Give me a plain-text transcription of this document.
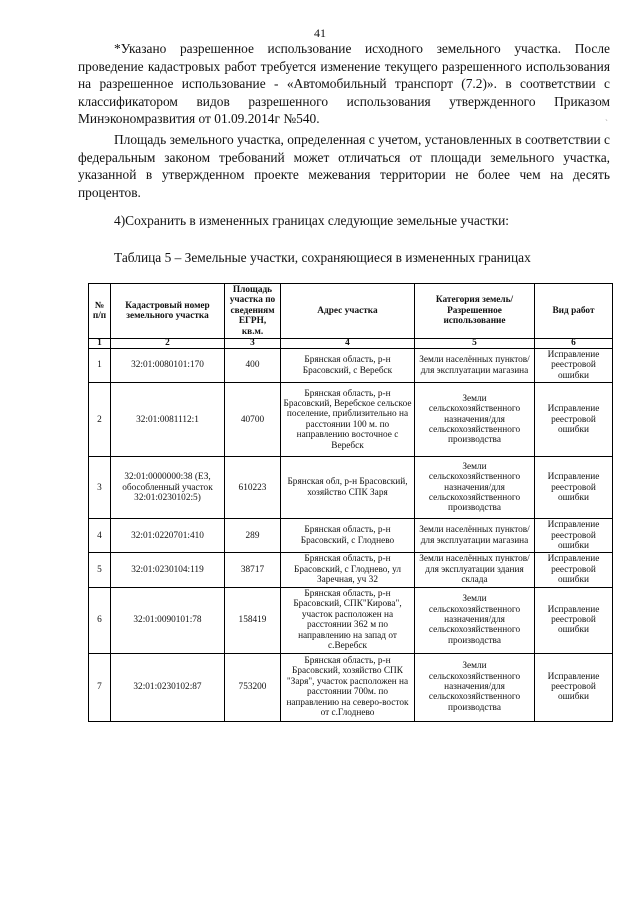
41

*Указано разрешенное использование исходного земельного участка. После проведение кадастровых работ требуется изменение текущего разрешенного использования на разрешенное использование - «Автомобильный транспорт (7.2)». в соответствии с классификатором видов разрешенного использования утвержденного Приказом Минэкономразвития от 01.09.2014г №540.

Площадь земельного участка, определенная с учетом, установленных в соответствии с федеральным законом требований может отличаться от площади земельного участка, указанной в утвержденном проекте межевания территории не более чем на десять процентов.

4)Сохранить в измененных границах следующие земельные участки:
Таблица 5 – Земельные участки, сохраняющиеся в измененных границах
№ п/п	Кадастровый номер земельного участка	Площадь участка по сведениям ЕГРН, кв.м.	Адрес участка	Категория земель/ Разрешенное использование	Вид работ
1	2	3	4	5	6
1	32:01:0080101:170	400	Брянская область, р-н Брасовский, с Веребск	Земли населённых пунктов/для эксплуатации магазина	Исправление реестровой ошибки
2	32:01:0081112:1	40700	Брянская область, р-н Брасовский, Веребское сельское поселение, приблизительно на расстоянии 100 м. по направлению восточное с Веребск	Земли сельскохозяйственного назначения/для сельскохозяйственного производства	Исправление реестровой ошибки
3	32:01:0000000:38 (ЕЗ, обособленный участок 32:01:0230102:5)	610223	Брянская обл, р-н Брасовский, хозяйство СПК Заря	Земли сельскохозяйственного назначения/для сельскохозяйственного производства	Исправление реестровой ошибки
4	32:01:0220701:410	289	Брянская область, р-н Брасовский, с Глоднево	Земли населённых пунктов/для эксплуатации магазина	Исправление реестровой ошибки
5	32:01:0230104:119	38717	Брянская область, р-н Брасовский, с Глоднево, ул Заречная, уч 32	Земли населённых пунктов/для эксплуатации здания склада	Исправление реестровой ошибки
6	32:01:0090101:78	158419	Брянская область, р-н Брасовский, СПК"Кирова", участок расположен на расстоянии 362 м по направлению на запад от с.Веребск	Земли сельскохозяйственного назначения/для сельскохозяйственного производства	Исправление реестровой ошибки
7	32:01:0230102:87	753200	Брянская область, р-н Брасовский, хозяйство СПК "Заря", участок расположен на расстоянии 700м. по направлению на северо-восток от с.Глоднево	Земли сельскохозяйственного назначения/для сельскохозяйственного производства	Исправление реестровой ошибки
`
